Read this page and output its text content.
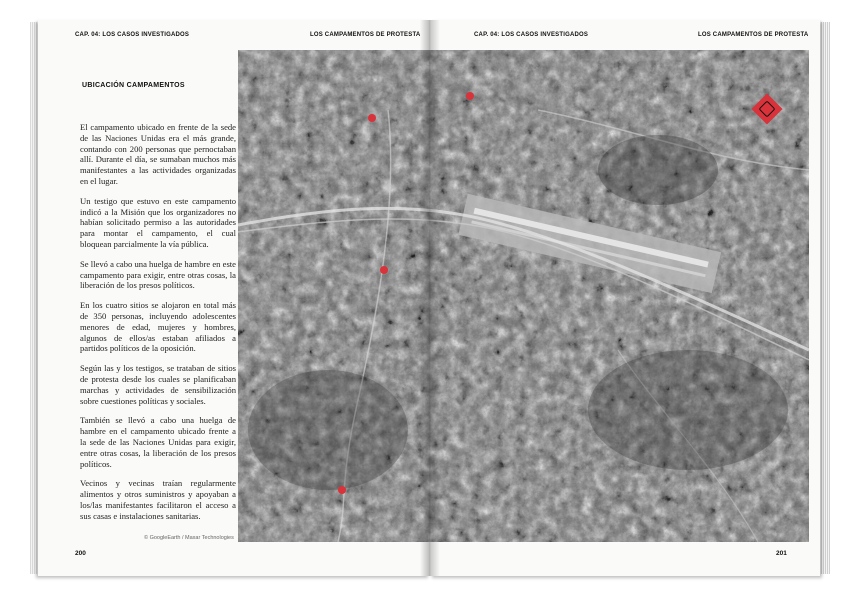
CAP. 04: LOS CASOS INVESTIGADOS	LOS CAMPAMENTOS DE PROTESTA
UBICACIÓN CAMPAMENTOS

El campamento ubicado en frente de la sede de las Naciones Unidas era el más grande, contando con 200 personas que pernoctaban allí. Durante el día, se sumaban muchos más manifestantes a las actividades organizadas en el lugar.

Un testigo que estuvo en este campamento indicó a la Misión que los organizadores no habían solicitado permiso a las autoridades para montar el campamento, el cual bloquean parcialmente la vía pública.

Se llevó a cabo una huelga de hambre en este campamento para exigir, entre otras cosas, la liberación de los presos políticos.

En los cuatro sitios se alojaron en total más de 350 personas, incluyendo adolescentes menores de edad, mujeres y hombres, algunos de ellos/as estaban afiliados a partidos políticos de la oposición.

Según las y los testigos, se trataban de sitios de protesta desde los cuales se planificaban marchas y actividades de sensibilización sobre cuestiones políticas y sociales.

También se llevó a cabo una huelga de hambre en el campamento ubicado frente a la sede de las Naciones Unidas para exigir, entre otras cosas, la liberación de los presos políticos.

Vecinos y vecinas traían regularmente alimentos y otros suministros y apoyaban a los/las manifestantes facilitaron el acceso a sus casas e instalaciones sanitarias.

© GoogleEarth / Maxar Technologies
200
CAP. 04: LOS CASOS INVESTIGADOS	LOS CAMPAMENTOS DE PROTESTA
201
